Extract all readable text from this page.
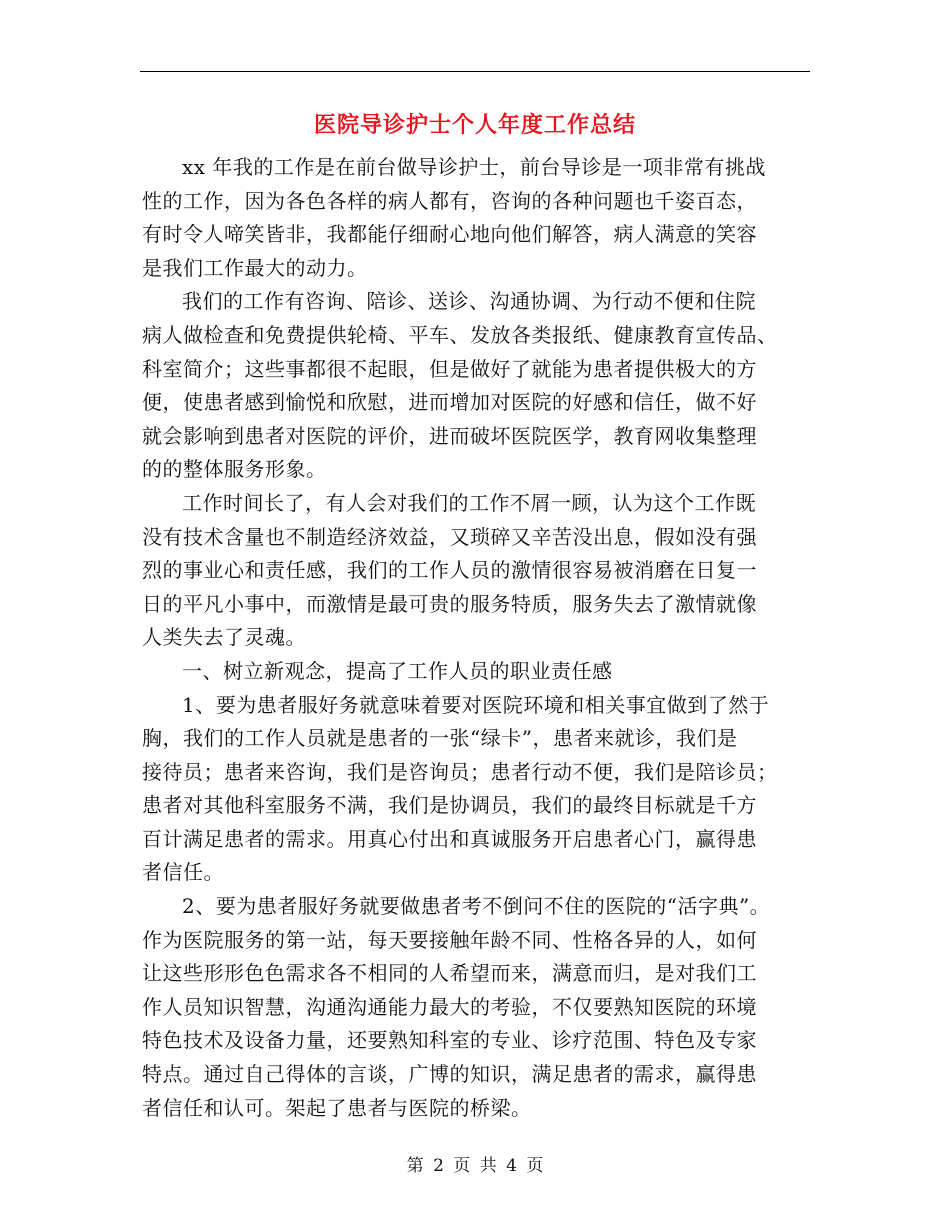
医院导诊护士个人年度工作总结
xx 年我的工作是在前台做导诊护士，前台导诊是一项非常有挑战
性的工作，因为各色各样的病人都有，咨询的各种问题也千姿百态，
有时令人啼笑皆非，我都能仔细耐心地向他们解答，病人满意的笑容
是我们工作最大的动力。
我们的工作有咨询、陪诊、送诊、沟通协调、为行动不便和住院
病人做检查和免费提供轮椅、平车、发放各类报纸、健康教育宣传品、
科室简介；这些事都很不起眼，但是做好了就能为患者提供极大的方
便，使患者感到愉悦和欣慰，进而增加对医院的好感和信任，做不好
就会影响到患者对医院的评价，进而破坏医院医学，教育网收集整理
的的整体服务形象。
工作时间长了，有人会对我们的工作不屑一顾，认为这个工作既
没有技术含量也不制造经济效益，又琐碎又辛苦没出息，假如没有强
烈的事业心和责任感，我们的工作人员的激情很容易被消磨在日复一
日的平凡小事中，而激情是最可贵的服务特质，服务失去了激情就像
人类失去了灵魂。
一、树立新观念，提高了工作人员的职业责任感
1、要为患者服好务就意味着要对医院环境和相关事宜做到了然于
胸，我们的工作人员就是患者的一张“绿卡”，患者来就诊，我们是
接待员；患者来咨询，我们是咨询员；患者行动不便，我们是陪诊员；
患者对其他科室服务不满，我们是协调员，我们的最终目标就是千方
百计满足患者的需求。用真心付出和真诚服务开启患者心门，赢得患
者信任。
2、要为患者服好务就要做患者考不倒问不住的医院的“活字典”。
作为医院服务的第一站，每天要接触年龄不同、性格各异的人，如何
让这些形形色色需求各不相同的人希望而来，满意而归，是对我们工
作人员知识智慧，沟通沟通能力最大的考验，不仅要熟知医院的环境
特色技术及设备力量，还要熟知科室的专业、诊疗范围、特色及专家
特点。通过自己得体的言谈，广博的知识，满足患者的需求，赢得患
者信任和认可。架起了患者与医院的桥梁。
第 2 页 共 4 页
